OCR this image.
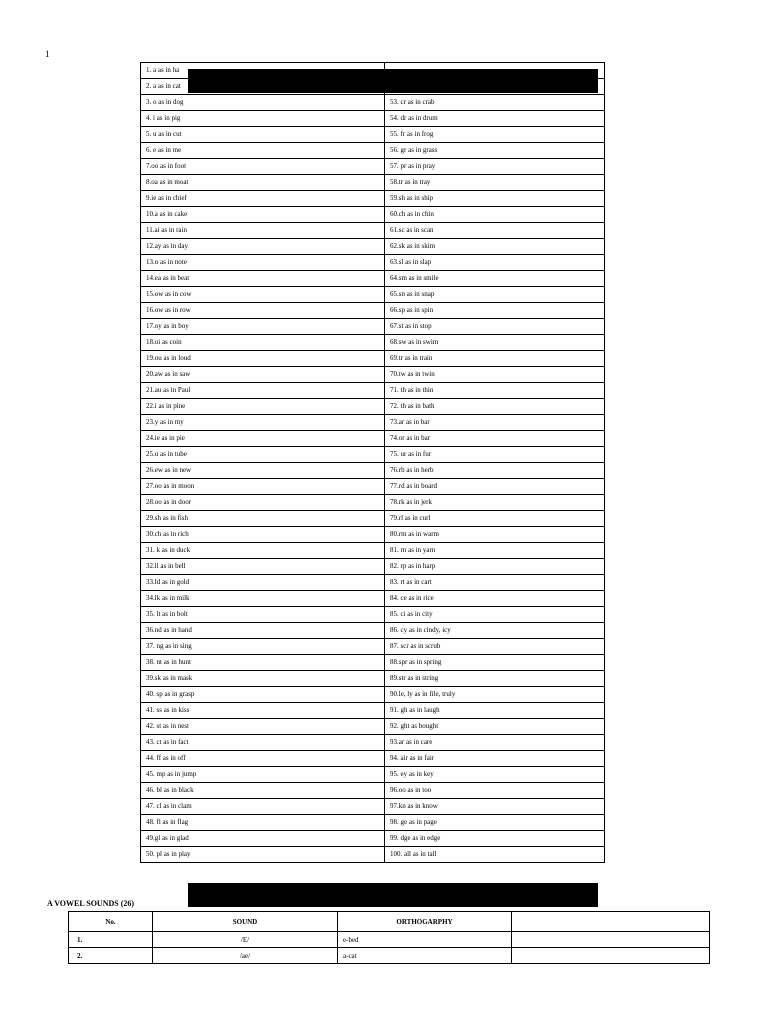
1
1. a as in ha	
2. a as in cat	
3. o as in dog	53. cr as in crab
4. i as in pig	54. dr as in drum
5. u as in cut	55. fr as in frog
6. e as in me	56. gr as in grass
7.oo as in foot	57. pr as in pray
8.oa as in moat	58.tr as in tray
9.ie as in chief	59.sh as in ship
10.a as in cake	60.ch as in chin
11.ai as in rain	61.sc as in scan
12.ay as in day	62.sk as in skim
13.o as in note	63.sl as in slap
14.ea as in beat	64.sm as in smile
15.ow as in cow	65.sn as in snap
16.ow as in row	66.sp as in spin
17.oy as in boy	67.st as in stop
18.oi as coin	68.sw as in swim
19.ou as in loud	69.tr as in train
20.aw as in saw	70.tw as in twin
21.au as in Paul	71. th as in thin
22.i as in pine	72. th as in bath
23.y as in my	73.ar as in bar
24.ie as in pie	74.or as in bar
25.u as in tube	75. ur as in fur
26.ew as in new	76.rb as in herb
27.oo as in moon	77.rd as in board
28.oo as in door	78.rk as in jerk
29.sh as in fish	79.rl as in curl
30.ch as in rich	80.rm as in warm
31. k as in duck	81. rn as in yarn
32.ll as in bell	82. rp as in harp
33.ld as in gold	83. rt as in cart
34.lk as in milk	84. ce as in rice
35. lt as in bolt	85. ci as in city
36.nd as in hand	86. cy as in cindy, icy
37. ng as in sing	87. scr as in scrub
38. nt as in hunt	88.spr as in spring
39.sk as in mask	89.str as in string
40. sp as in grasp	90.le, ly as in file, truly
41. ss as in kiss	91. gh as in laugh
42. st as in nest	92. ght as bought
43. ct as in fact	93.ar as in care
44. ff as in off	94. air as in fair
45. mp as in jump	95. ey as in key
46. bl as in black	96.oo as in too
47. cl as in clam	97.kn as in know
48. fl as in flag	98. ge as in page
49.gl as in glad	99. dge as in edge
50. pl as in play	100. all as in tall
A VOWEL SOUNDS (26)
No.	SOUND	ORTHOGARPHY	
1.	/E/	e-bed	
2.	/ae/	a-cat	
